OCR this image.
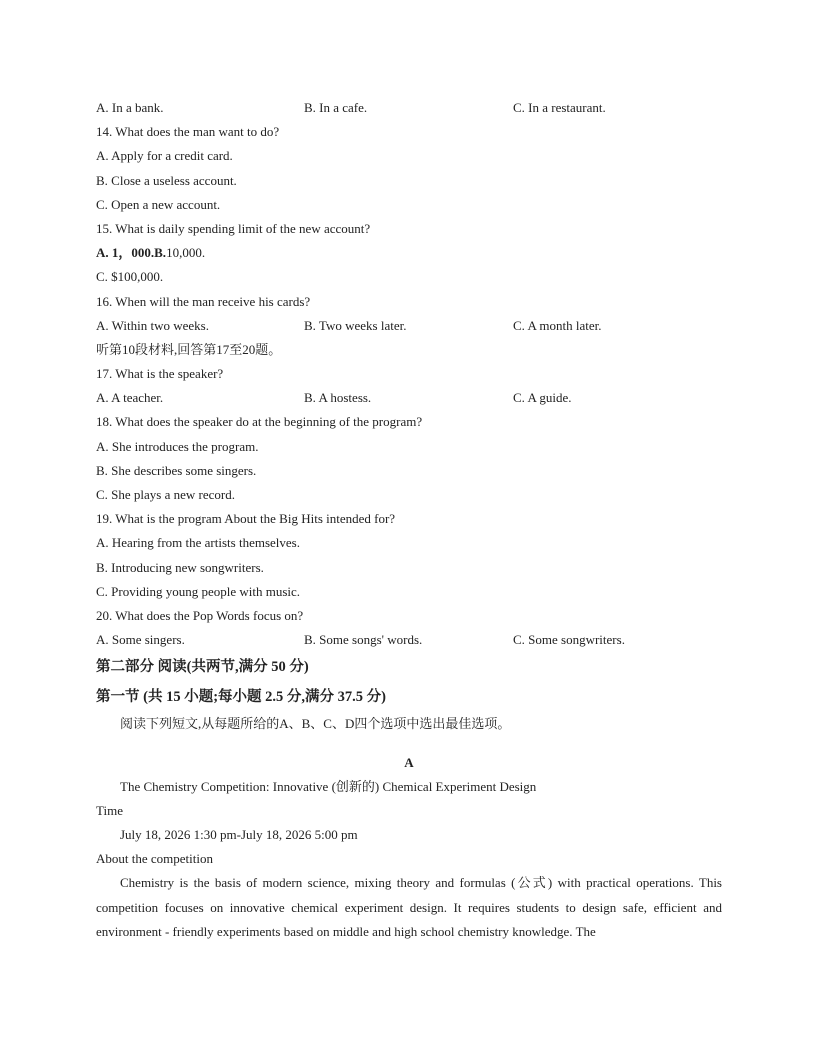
A. In a bank.	B. In a cafe.	C. In a restaurant.
14. What does the man want to do?
A. Apply for a credit card.
B. Close a useless account.
C. Open a new account.
15. What is daily spending limit of the new account?
A. 1，000.B.10,000.
C. $100,000.
16. When will the man receive his cards?
A. Within two weeks.	B. Two weeks later.	C. A month later.
听第10段材料,回答第17至20题。
17. What is the speaker?
A. A teacher.	B. A hostess.	C. A guide.
18. What does the speaker do at the beginning of the program?
A. She introduces the program.
B. She describes some singers.
C. She plays a new record.
19. What is the program About the Big Hits intended for?
A. Hearing from the artists themselves.
B. Introducing new songwriters.
C. Providing young people with music.
20. What does the Pop Words focus on?
A. Some singers.	B. Some songs' words.	C. Some songwriters.
第二部分 阅读(共两节,满分 50 分)
第一节 (共 15 小题;每小题 2.5 分,满分 37.5 分)
阅读下列短文,从每题所给的A、B、C、D四个选项中选出最佳选项。
A
The Chemistry Competition: Innovative (创新的) Chemical Experiment Design
Time
July 18, 2026 1:30 pm-July 18, 2026 5:00 pm
About the competition
Chemistry is the basis of modern science, mixing theory and formulas (公式) with practical operations. This competition focuses on innovative chemical experiment design. It requires students to design safe, efficient and environment - friendly experiments based on middle and high school chemistry knowledge. The
